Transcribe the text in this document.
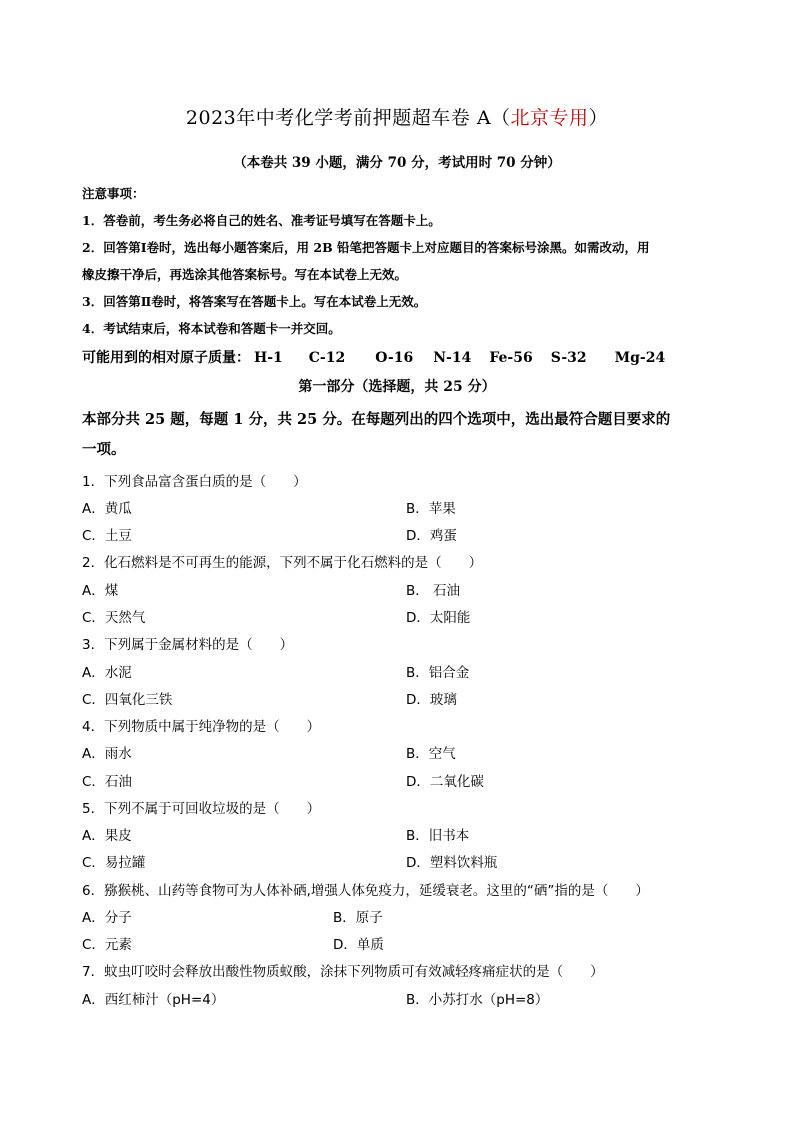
2023年中考化学考前押题超车卷 A（北京专用）
（本卷共 39 小题，满分 70 分，考试用时 70 分钟）
注意事项：
1．答卷前，考生务必将自己的姓名、准考证号填写在答题卡上。
2．回答第Ⅰ卷时，选出每小题答案后，用 2B 铅笔把答题卡上对应题目的答案标号涂黑。如需改动，用
橡皮擦干净后，再选涂其他答案标号。写在本试卷上无效。
3．回答第Ⅱ卷时，将答案写在答题卡上。写在本试卷上无效。
4．考试结束后，将本试卷和答题卡一并交回。
可能用到的相对原子质量： H-1 C-12 O-16 N-14 Fe-56 S-32 Mg-24
第一部分（选择题，共 25 分）
本部分共 25 题，每题 1 分，共 25 分。在每题列出的四个选项中，选出最符合题目要求的
一项。
1．下列食品富含蛋白质的是（　　）
A．黄瓜	B．苹果
C．土豆	D．鸡蛋
2．化石燃料是不可再生的能源，下列不属于化石燃料的是（　　）
A．煤	B． 石油
C．天然气	D．太阳能
3．下列属于金属材料的是（　　）
A．水泥	B．铝合金
C．四氧化三铁	D．玻璃
4．下列物质中属于纯净物的是（　　）
A．雨水	B．空气
C．石油	D．二氧化碳
5．下列不属于可回收垃圾的是（　　）
A．果皮	B．旧书本
C．易拉罐	D．塑料饮料瓶
6．猕猴桃、山药等食物可为人体补硒,增强人体免疫力，延缓衰老。这里的“硒”指的是（　　）
A．分子	B．原子
C．元素	D．单质
7．蚊虫叮咬时会释放出酸性物质蚁酸，涂抹下列物质可有效减轻疼痛症状的是（　　）
A．西红柿汁（pH=4）	B．小苏打水（pH=8）
